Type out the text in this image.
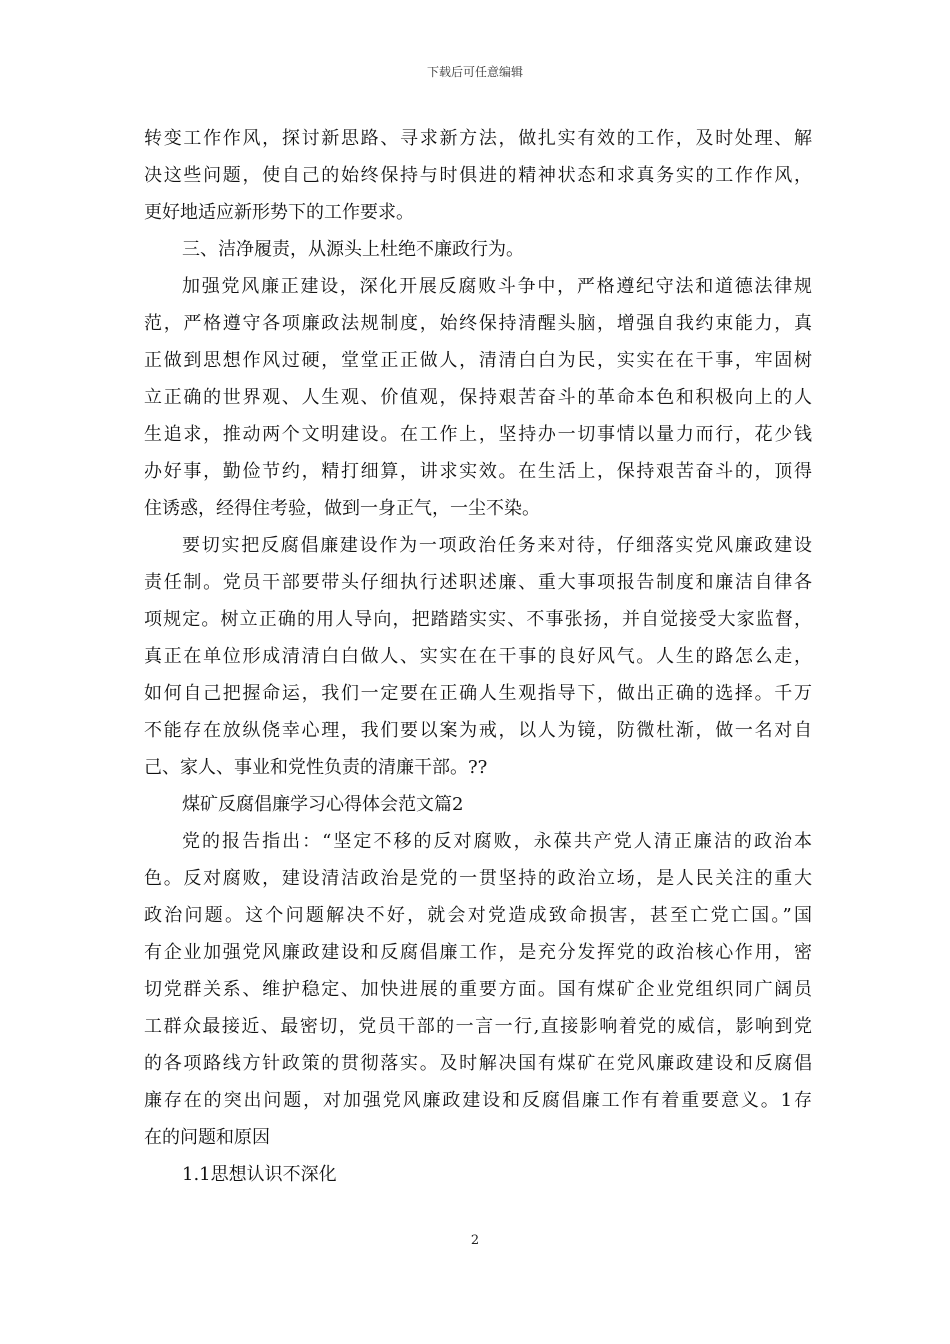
下载后可任意编辑
转变工作作风，探讨新思路、寻求新方法，做扎实有效的工作，及时处理、解
决这些问题，使自己的始终保持与时俱进的精神状态和求真务实的工作作风，
更好地适应新形势下的工作要求。
三、洁净履责，从源头上杜绝不廉政行为。
加强党风廉正建设，深化开展反腐败斗争中，严格遵纪守法和道德法律规
范，严格遵守各项廉政法规制度，始终保持清醒头脑，增强自我约束能力，真
正做到思想作风过硬，堂堂正正做人，清清白白为民，实实在在干事，牢固树
立正确的世界观、人生观、价值观，保持艰苦奋斗的革命本色和积极向上的人
生追求，推动两个文明建设。在工作上，坚持办一切事情以量力而行，花少钱
办好事，勤俭节约，精打细算，讲求实效。在生活上，保持艰苦奋斗的，顶得
住诱惑，经得住考验，做到一身正气，一尘不染。
要切实把反腐倡廉建设作为一项政治任务来对待，仔细落实党风廉政建设
责任制。党员干部要带头仔细执行述职述廉、重大事项报告制度和廉洁自律各
项规定。树立正确的用人导向，把踏踏实实、不事张扬，并自觉接受大家监督，
真正在单位形成清清白白做人、实实在在干事的良好风气。人生的路怎么走，
如何自己把握命运，我们一定要在正确人生观指导下，做出正确的选择。千万
不能存在放纵侥幸心理，我们要以案为戒，以人为镜，防微杜渐，做一名对自
己、家人、事业和党性负责的清廉干部。??
煤矿反腐倡廉学习心得体会范文篇2
党的报告指出：“坚定不移的反对腐败，永葆共产党人清正廉洁的政治本
色。反对腐败，建设清洁政治是党的一贯坚持的政治立场，是人民关注的重大
政治问题。这个问题解决不好，就会对党造成致命损害，甚至亡党亡国。”国
有企业加强党风廉政建设和反腐倡廉工作，是充分发挥党的政治核心作用，密
切党群关系、维护稳定、加快进展的重要方面。国有煤矿企业党组织同广阔员
工群众最接近、最密切，党员干部的一言一行,直接影响着党的威信，影响到党
的各项路线方针政策的贯彻落实。及时解决国有煤矿在党风廉政建设和反腐倡
廉存在的突出问题，对加强党风廉政建设和反腐倡廉工作有着重要意义。1存
在的问题和原因
1.1思想认识不深化
2
